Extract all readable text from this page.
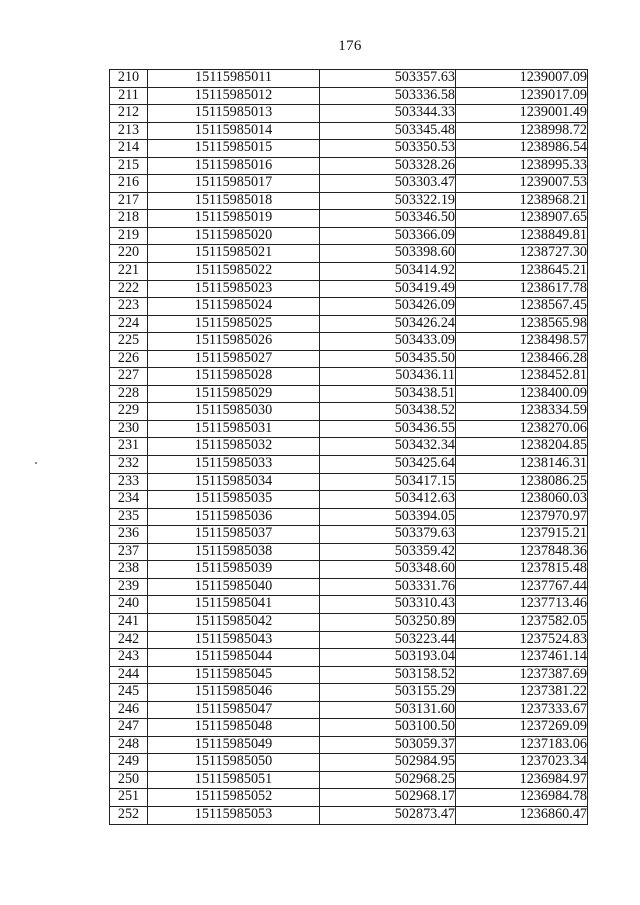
176
210	15115985011	503357.63	1239007.09
211	15115985012	503336.58	1239017.09
212	15115985013	503344.33	1239001.49
213	15115985014	503345.48	1238998.72
214	15115985015	503350.53	1238986.54
215	15115985016	503328.26	1238995.33
216	15115985017	503303.47	1239007.53
217	15115985018	503322.19	1238968.21
218	15115985019	503346.50	1238907.65
219	15115985020	503366.09	1238849.81
220	15115985021	503398.60	1238727.30
221	15115985022	503414.92	1238645.21
222	15115985023	503419.49	1238617.78
223	15115985024	503426.09	1238567.45
224	15115985025	503426.24	1238565.98
225	15115985026	503433.09	1238498.57
226	15115985027	503435.50	1238466.28
227	15115985028	503436.11	1238452.81
228	15115985029	503438.51	1238400.09
229	15115985030	503438.52	1238334.59
230	15115985031	503436.55	1238270.06
231	15115985032	503432.34	1238204.85
232	15115985033	503425.64	1238146.31
233	15115985034	503417.15	1238086.25
234	15115985035	503412.63	1238060.03
235	15115985036	503394.05	1237970.97
236	15115985037	503379.63	1237915.21
237	15115985038	503359.42	1237848.36
238	15115985039	503348.60	1237815.48
239	15115985040	503331.76	1237767.44
240	15115985041	503310.43	1237713.46
241	15115985042	503250.89	1237582.05
242	15115985043	503223.44	1237524.83
243	15115985044	503193.04	1237461.14
244	15115985045	503158.52	1237387.69
245	15115985046	503155.29	1237381.22
246	15115985047	503131.60	1237333.67
247	15115985048	503100.50	1237269.09
248	15115985049	503059.37	1237183.06
249	15115985050	502984.95	1237023.34
250	15115985051	502968.25	1236984.97
251	15115985052	502968.17	1236984.78
252	15115985053	502873.47	1236860.47
